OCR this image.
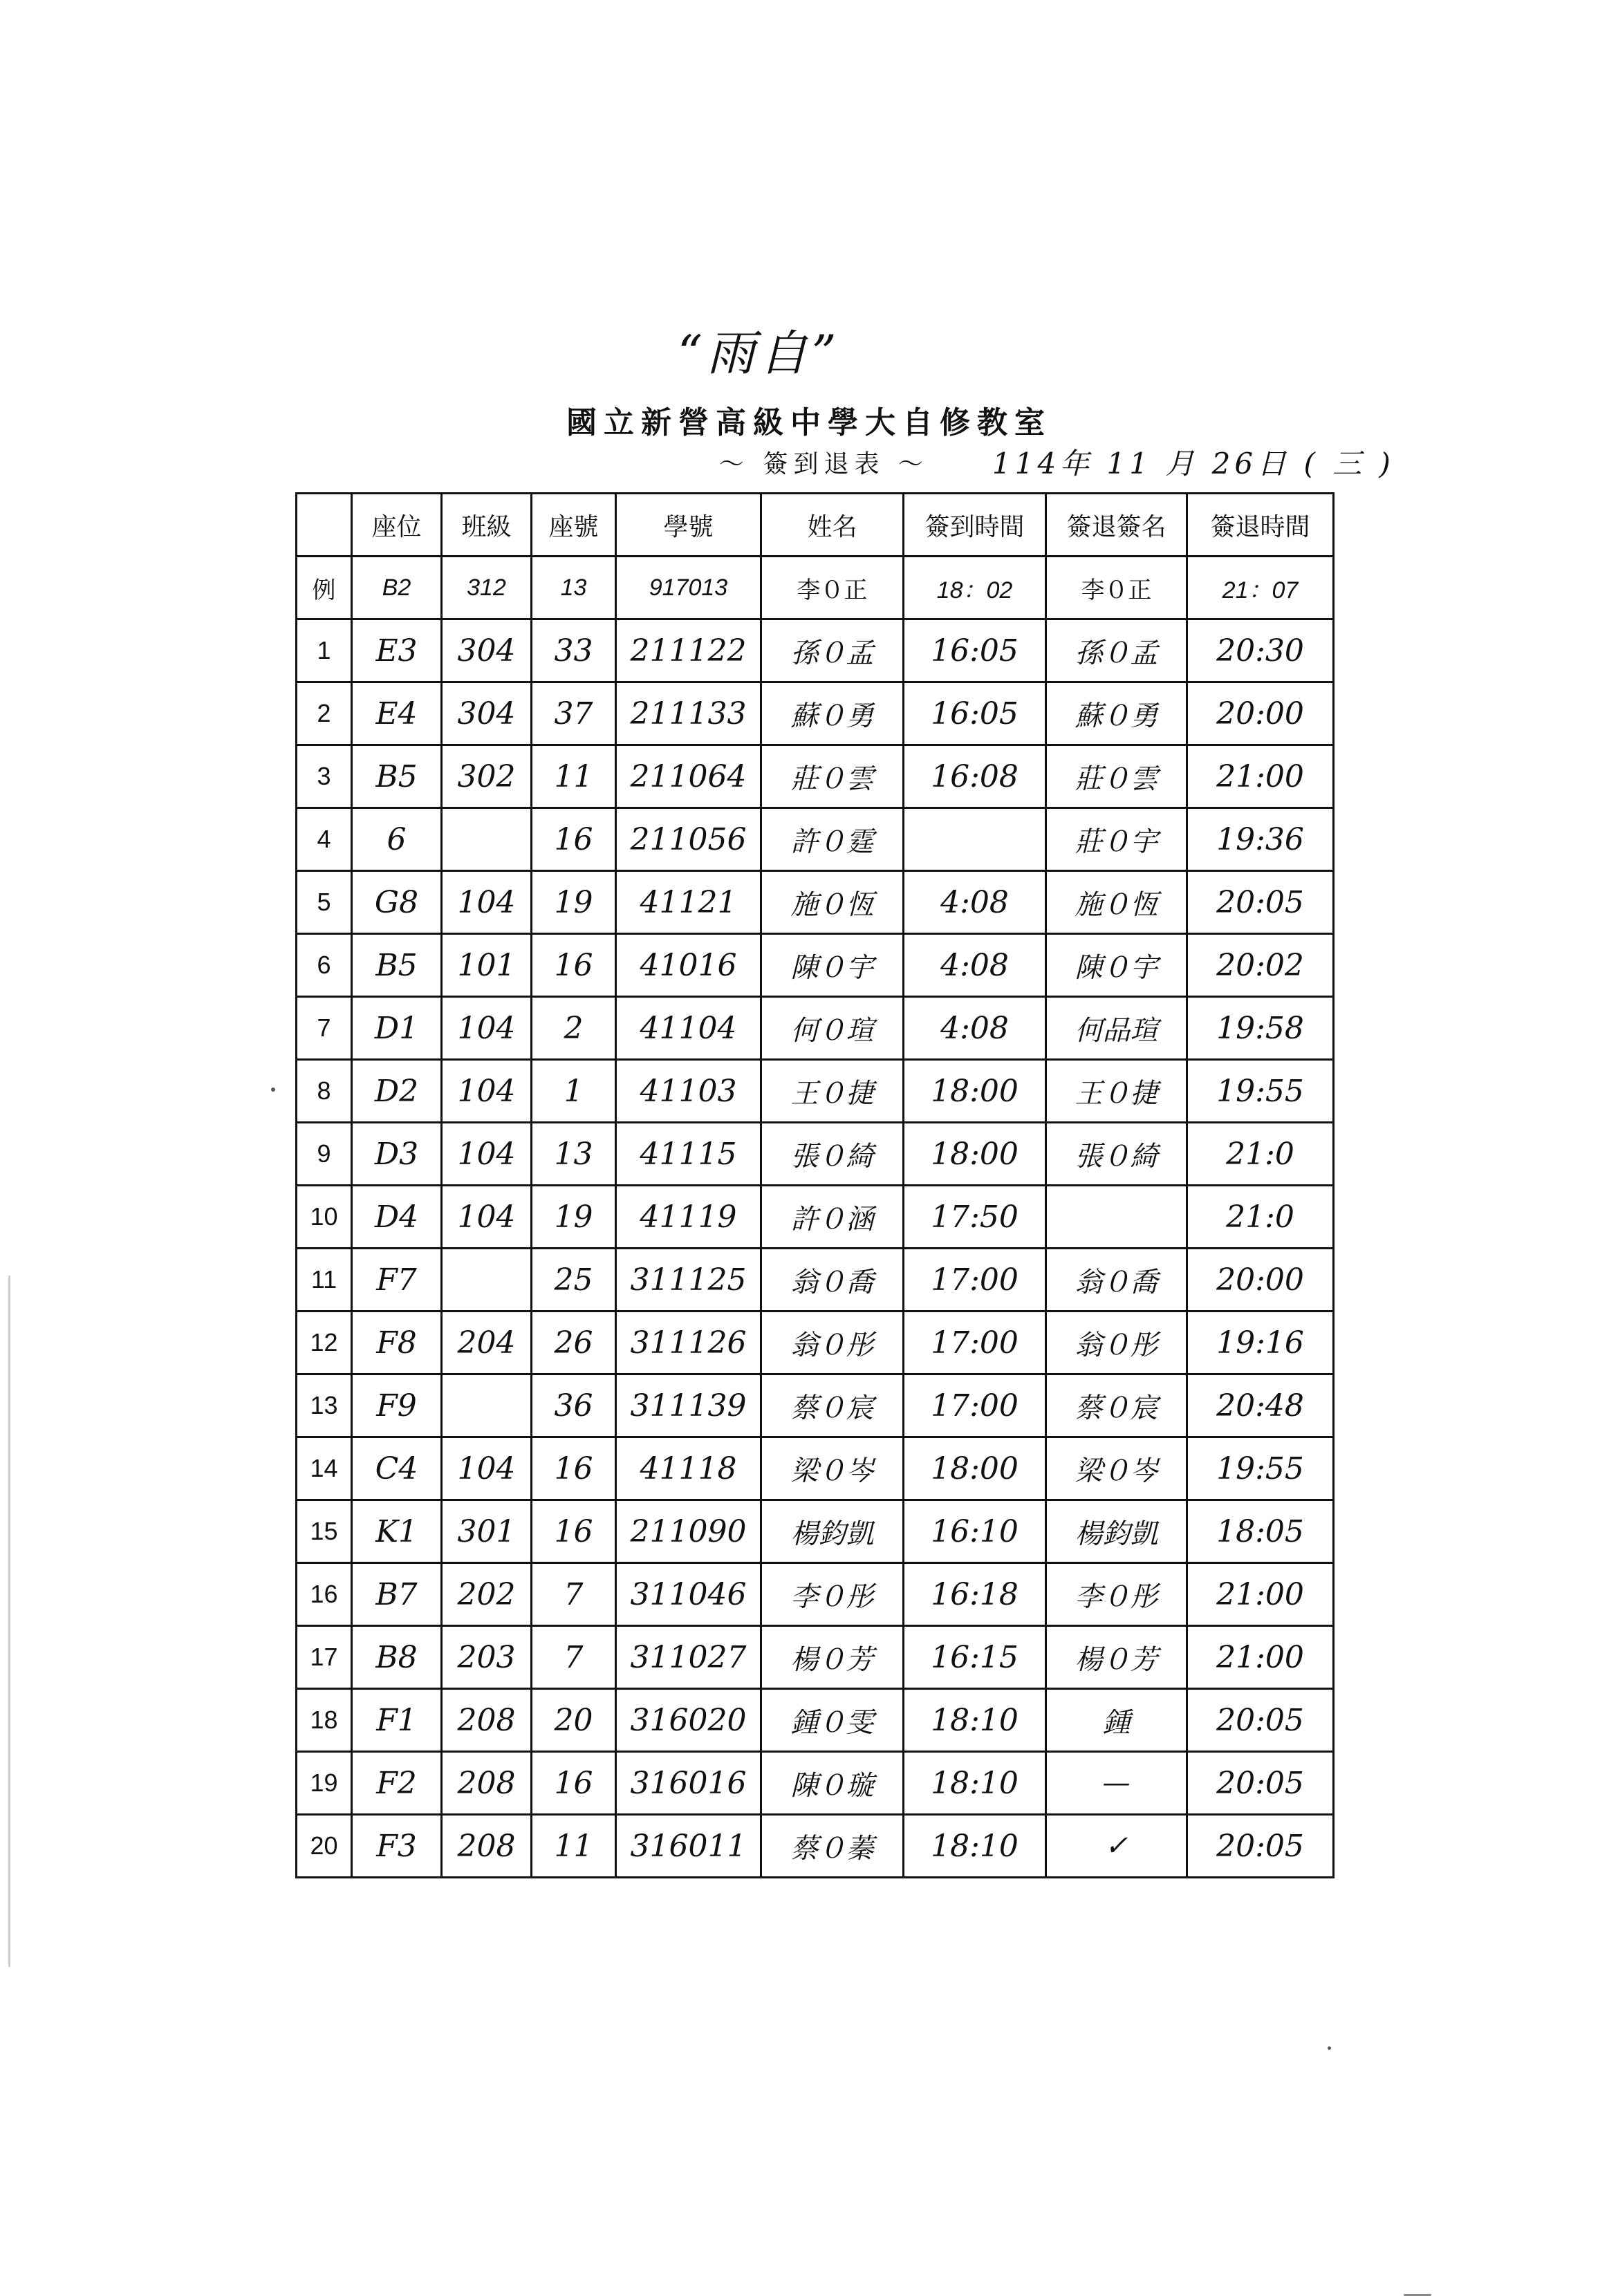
“雨自”
國立新營高級中學大自修教室
～ 簽到退表 ～ 114年 11 月 26日 ( 三 )
	座位	班級	座號	學號	姓名	簽到時間	簽退簽名	簽退時間
例	B2	312	13	917013	李０正	18：02	李０正	21：07
1	E3	304	33	211122	孫０孟	16:05	孫０孟	20:30
2	E4	304	37	211133	蘇０勇	16:05	蘇０勇	20:00
3	B5	302	11	211064	莊０雲	16:08	莊０雲	21:00
4	6		16	211056	許０霆		莊０宇	19:36
5	G8	104	19	41121	施０恆	4:08	施０恆	20:05
6	B5	101	16	41016	陳０宇	4:08	陳０宇	20:02
7	D1	104	2	41104	何０瑄	4:08	何品瑄	19:58
8	D2	104	1	41103	王０捷	18:00	王０捷	19:55
9	D3	104	13	41115	張０綺	18:00	張０綺	21:0
10	D4	104	19	41119	許０涵	17:50		21:0
11	F7		25	311125	翁０喬	17:00	翁０喬	20:00
12	F8	204	26	311126	翁０彤	17:00	翁０彤	19:16
13	F9		36	311139	蔡０宸	17:00	蔡０宸	20:48
14	C4	104	16	41118	梁０岑	18:00	梁０岑	19:55
15	K1	301	16	211090	楊鈞凱	16:10	楊鈞凱	18:05
16	B7	202	7	311046	李０彤	16:18	李０彤	21:00
17	B8	203	7	311027	楊０芳	16:15	楊０芳	21:00
18	F1	208	20	316020	鍾０雯	18:10	鍾	20:05
19	F2	208	16	316016	陳０璇	18:10	—	20:05
20	F3	208	11	316011	蔡０蓁	18:10	✓	20:05
